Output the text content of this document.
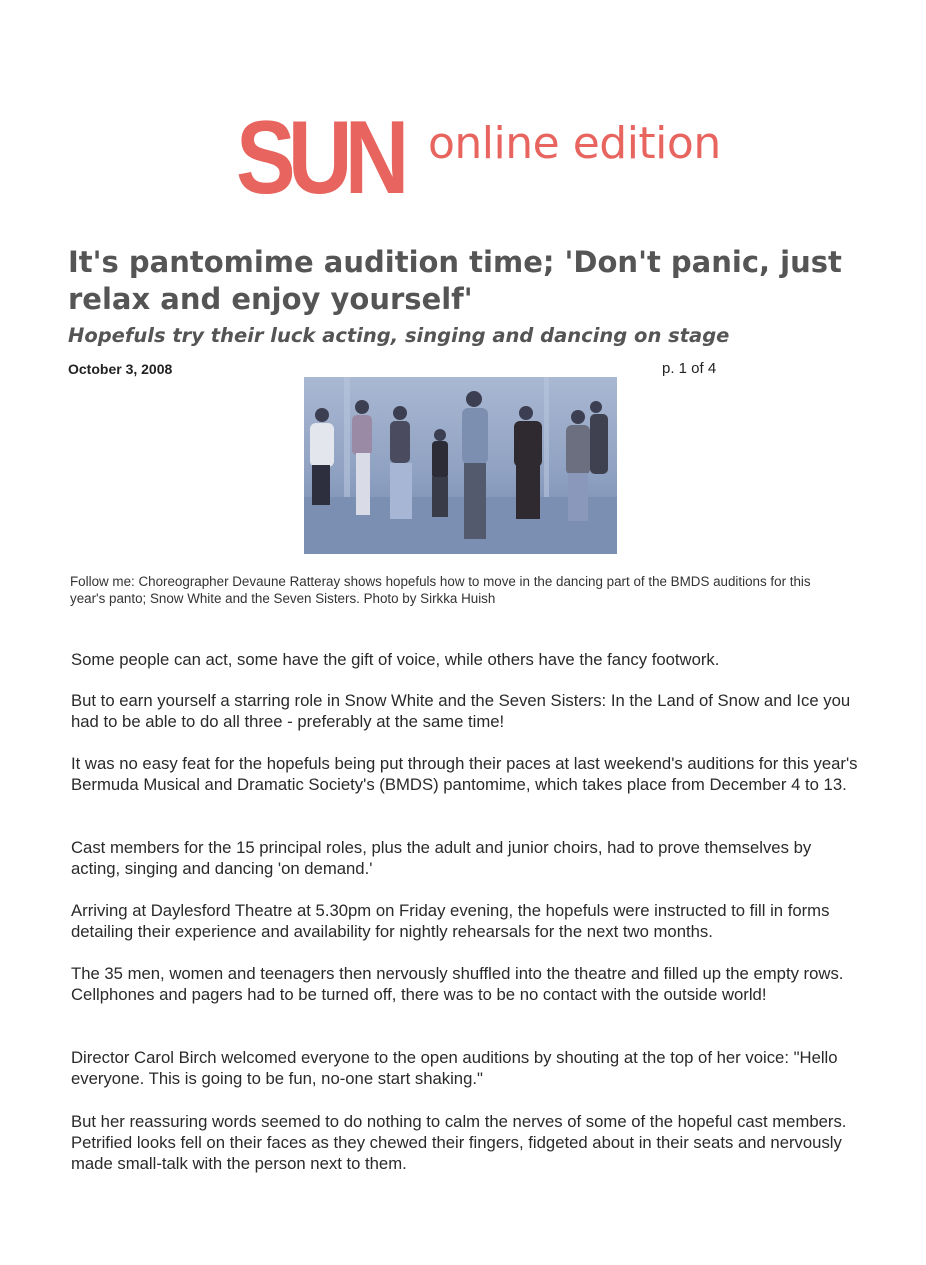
SUN online edition
It's pantomime audition time; 'Don't panic, just relax and enjoy yourself'
Hopefuls try their luck acting, singing and dancing on stage
October 3, 2008	p. 1 of 4

Follow me: Choreographer Devaune Ratteray shows hopefuls how to move in the dancing part of the BMDS auditions for this year's panto; Snow White and the Seven Sisters. Photo by Sirkka Huish

Some people can act, some have the gift of voice, while others have the fancy footwork.

But to earn yourself a starring role in Snow White and the Seven Sisters: In the Land of Snow and Ice you had to be able to do all three - preferably at the same time!

It was no easy feat for the hopefuls being put through their paces at last weekend's auditions for this year's Bermuda Musical and Dramatic Society's (BMDS) pantomime, which takes place from December 4 to 13.

Cast members for the 15 principal roles, plus the adult and junior choirs, had to prove themselves by acting, singing and dancing 'on demand.'

Arriving at Daylesford Theatre at 5.30pm on Friday evening, the hopefuls were instructed to fill in forms detailing their experience and availability for nightly rehearsals for the next two months.

The 35 men, women and teenagers then nervously shuffled into the theatre and filled up the empty rows. Cellphones and pagers had to be turned off, there was to be no contact with the outside world!

Director Carol Birch welcomed everyone to the open auditions by shouting at the top of her voice: "Hello everyone. This is going to be fun, no-one start shaking."

But her reassuring words seemed to do nothing to calm the nerves of some of the hopeful cast members. Petrified looks fell on their faces as they chewed their fingers, fidgeted about in their seats and nervously made small-talk with the person next to them.
